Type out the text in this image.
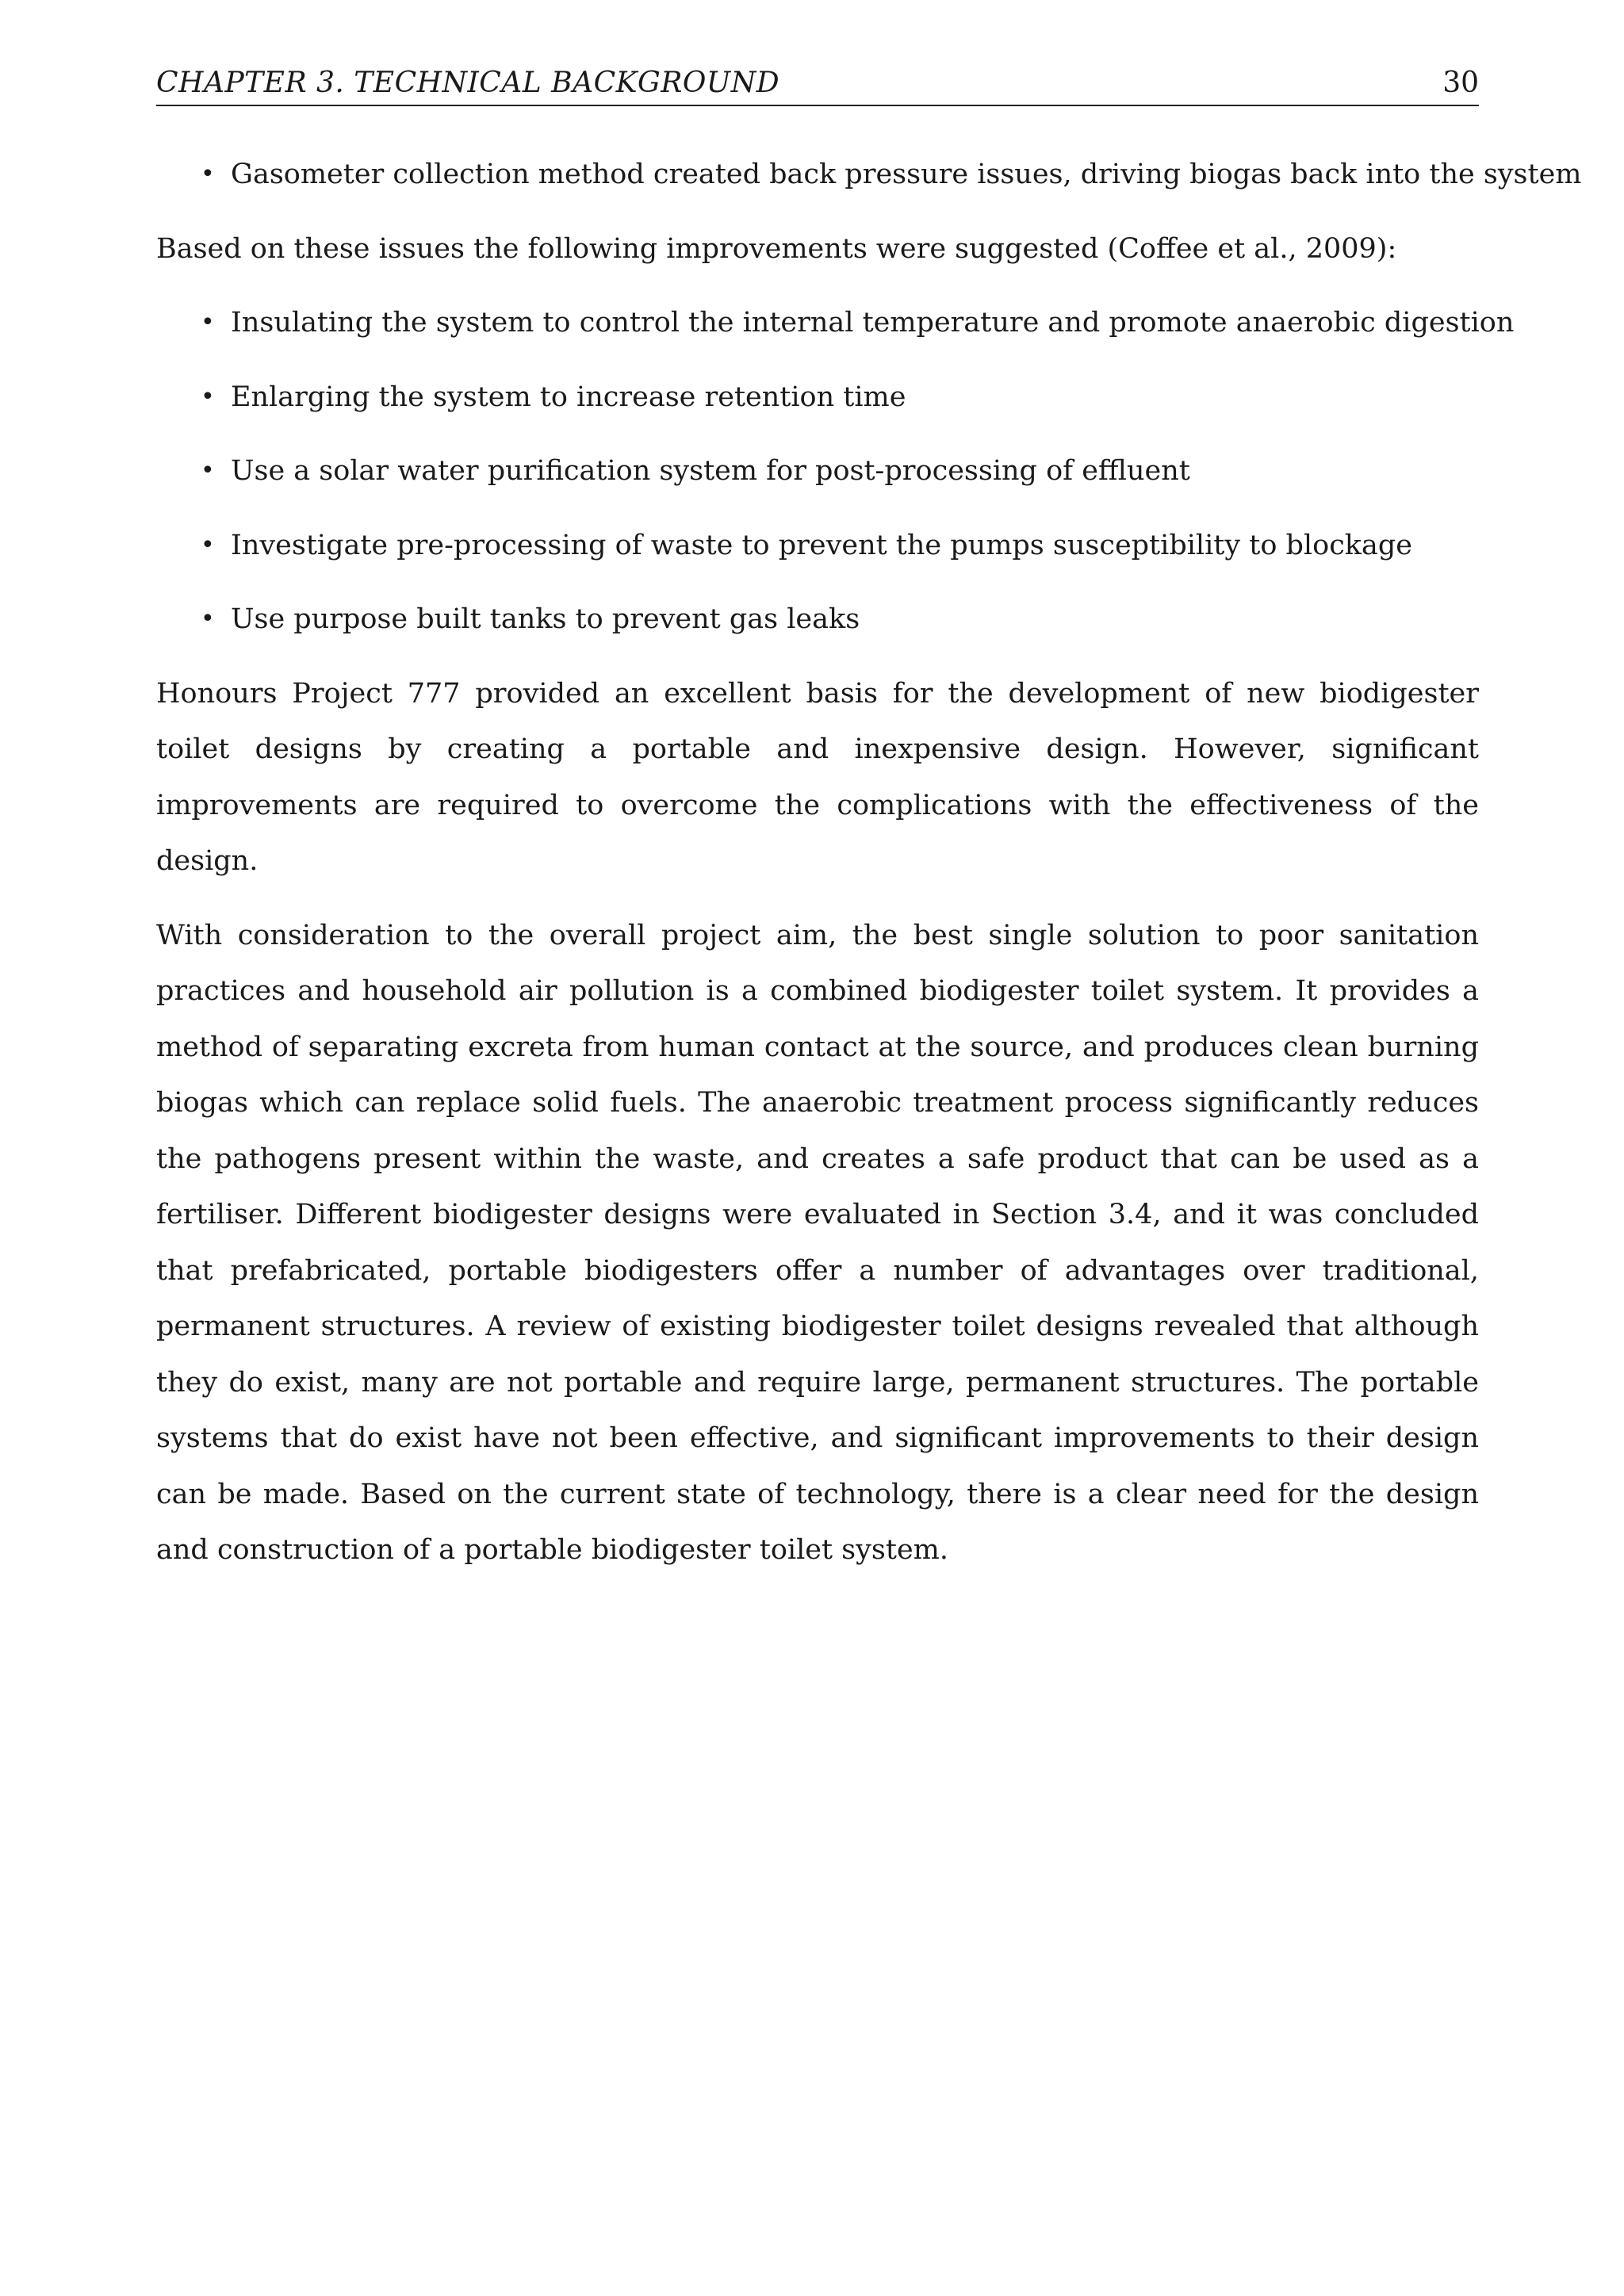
CHAPTER 3. TECHNICAL BACKGROUND	30
• Gasometer collection method created back pressure issues, driving biogas back into the system

Based on these issues the following improvements were suggested (Coffee et al., 2009):

• Insulating the system to control the internal temperature and promote anaerobic digestion
• Enlarging the system to increase retention time
• Use a solar water purification system for post-processing of effluent
• Investigate pre-processing of waste to prevent the pumps susceptibility to blockage
• Use purpose built tanks to prevent gas leaks

Honours Project 777 provided an excellent basis for the development of new biodigester toilet designs by creating a portable and inexpensive design. However, significant improvements are required to overcome the complications with the effectiveness of the design.

With consideration to the overall project aim, the best single solution to poor sanitation practices and household air pollution is a combined biodigester toilet system. It provides a method of separating excreta from human contact at the source, and produces clean burning biogas which can replace solid fuels. The anaerobic treatment process significantly reduces the pathogens present within the waste, and creates a safe product that can be used as a fertiliser. Different biodigester designs were evaluated in Section 3.4, and it was concluded that prefabricated, portable biodigesters offer a number of advantages over traditional, permanent structures. A review of existing biodigester toilet designs revealed that although they do exist, many are not portable and require large, permanent structures. The portable systems that do exist have not been effective, and significant improvements to their design can be made. Based on the current state of technology, there is a clear need for the design and construction of a portable biodigester toilet system.
